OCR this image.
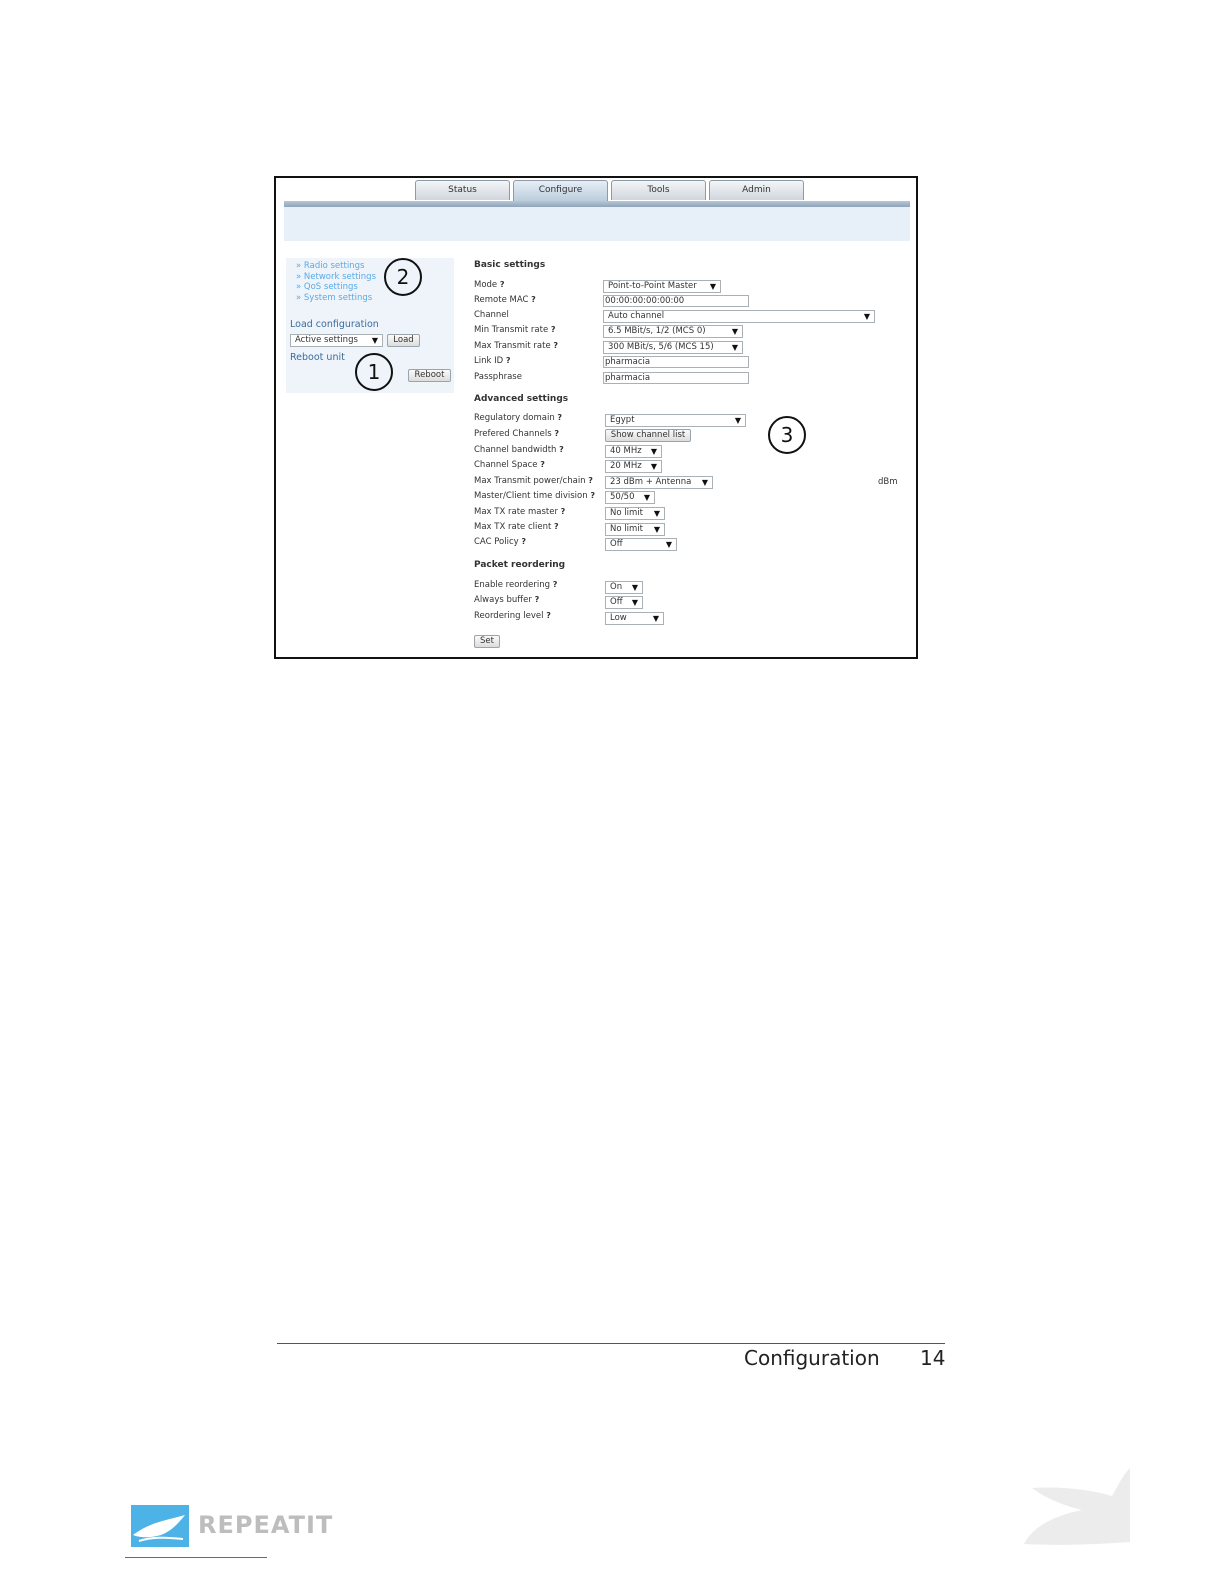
Status	Configure	Tools	Admin
» Radio settings
» Network settings
» QoS settings
» System settings
Load configuration
Active settings ▼	Load
Reboot unit
Reboot
Basic settings
Mode ?	Point-to-Point Master ▼
Remote MAC ?	00:00:00:00:00:00
Channel	Auto channel	▼
Min Transmit rate ?	6.5 MBit/s, 1/2 (MCS 0)	▼
Max Transmit rate ?	300 MBit/s, 5/6 (MCS 15) ▼
Link ID ?	pharmacia
Passphrase	pharmacia
Advanced settings
Regulatory domain ?	Egypt	▼
Prefered Channels ?	Show channel list
Channel bandwidth ?	40 MHz ▼
Channel Space ?	20 MHz ▼
Max Transmit power/chain ?	23 dBm + Antenna ▼	dBm
Master/Client time division ?	50/50 ▼
Max TX rate master ?	No limit ▼
Max TX rate client ?	No limit ▼
CAC Policy ?	Off	▼
Packet reordering
Enable reordering ?	On ▼
Always buffer ?	Off ▼
Reordering level ?	Low	▼
Set
1
2
3
Configuration 14
REPEATIT
